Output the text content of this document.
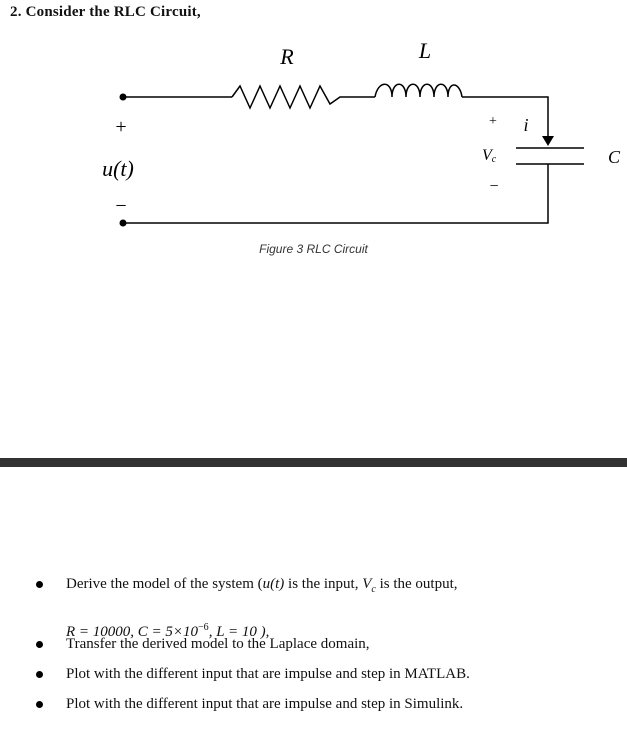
2. Consider the RLC Circuit,
R	L
C
i
+
Vc
−
+
u(t)
−
Figure 3 RLC Circuit
Derive the model of the system (u(t) is the input, $V_c$ is the output,
R = 10000, $C = 5\times 10^{-6}$, L = 10 ),
Transfer the derived model to the Laplace domain,
Plot with the different input that are impulse and step in MATLAB.
Plot with the different input that are impulse and step in Simulink.
